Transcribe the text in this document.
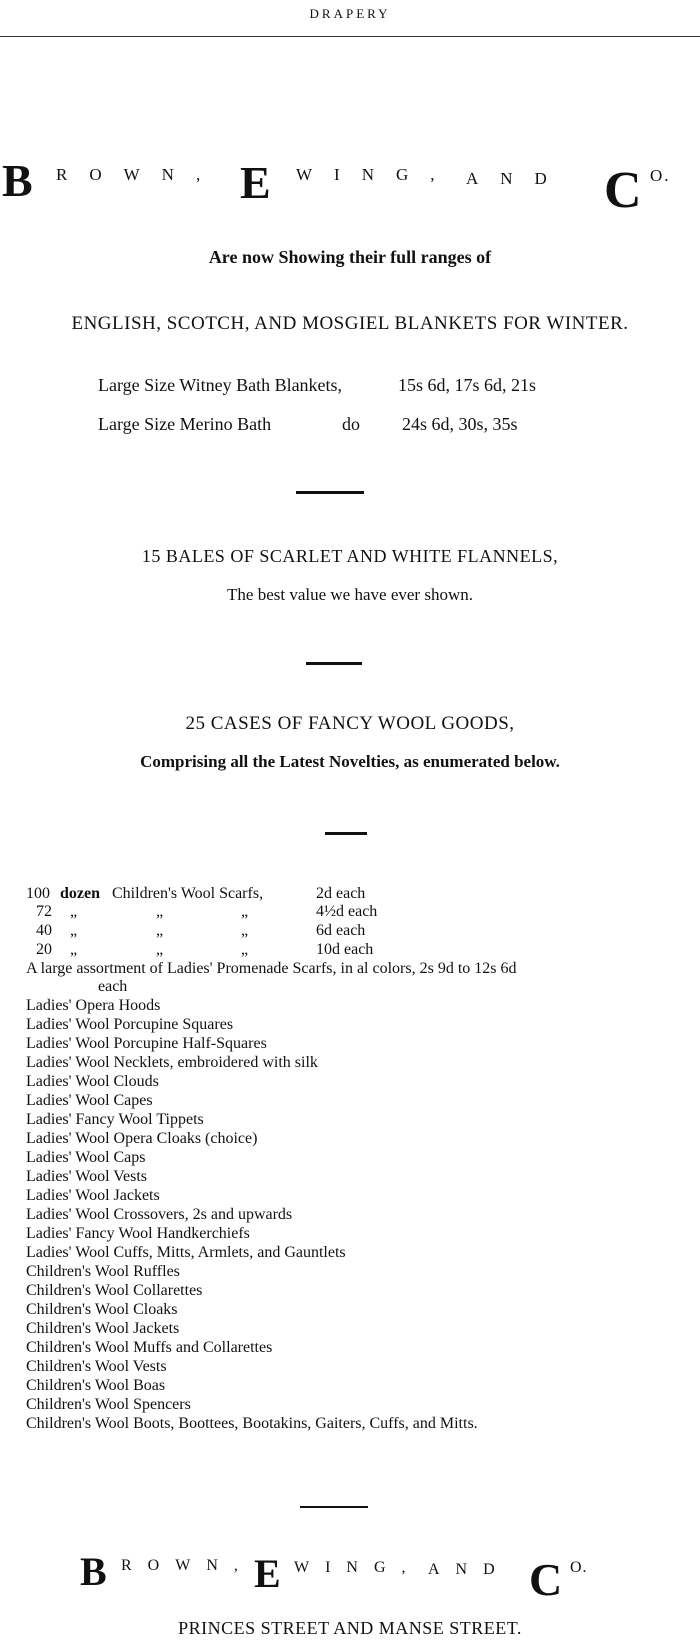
DRAPERY
B ROWN, E WING, AND C O.
Are now Showing their full ranges of
ENGLISH, SCOTCH, AND MOSGIEL BLANKETS FOR WINTER.
Large Size Witney Bath Blankets,	15s 6d, 17s 6d, 21s
Large Size Merino Bath	do 24s 6d, 30s, 35s
15 BALES OF SCARLET AND WHITE FLANNELS,
The best value we have ever shown.
25 CASES OF FANCY WOOL GOODS,
Comprising all the Latest Novelties, as enumerated below.
100 dozen Children's Wool Scarfs,	2d each
72 „	„	„	4½d each
40 „	„	„	6d each
20 „	„	„	10d each
A large assortment of Ladies' Promenade Scarfs, in al colors, 2s 9d to 12s 6d
each
Ladies' Opera Hoods
Ladies' Wool Porcupine Squares
Ladies' Wool Porcupine Half-Squares
Ladies' Wool Necklets, embroidered with silk
Ladies' Wool Clouds
Ladies' Wool Capes
Ladies' Fancy Wool Tippets
Ladies' Wool Opera Cloaks (choice)
Ladies' Wool Caps
Ladies' Wool Vests
Ladies' Wool Jackets
Ladies' Wool Crossovers, 2s and upwards
Ladies' Fancy Wool Handkerchiefs
Ladies' Wool Cuffs, Mitts, Armlets, and Gauntlets
Children's Wool Ruffles
Children's Wool Collarettes
Children's Wool Cloaks
Children's Wool Jackets
Children's Wool Muffs and Collarettes
Children's Wool Vests
Children's Wool Boas
Children's Wool Spencers
Children's Wool Boots, Boottees, Bootakins, Gaiters, Cuffs, and Mitts.
B ROWN, E WING, AND C O.
PRINCES STREET AND MANSE STREET.
